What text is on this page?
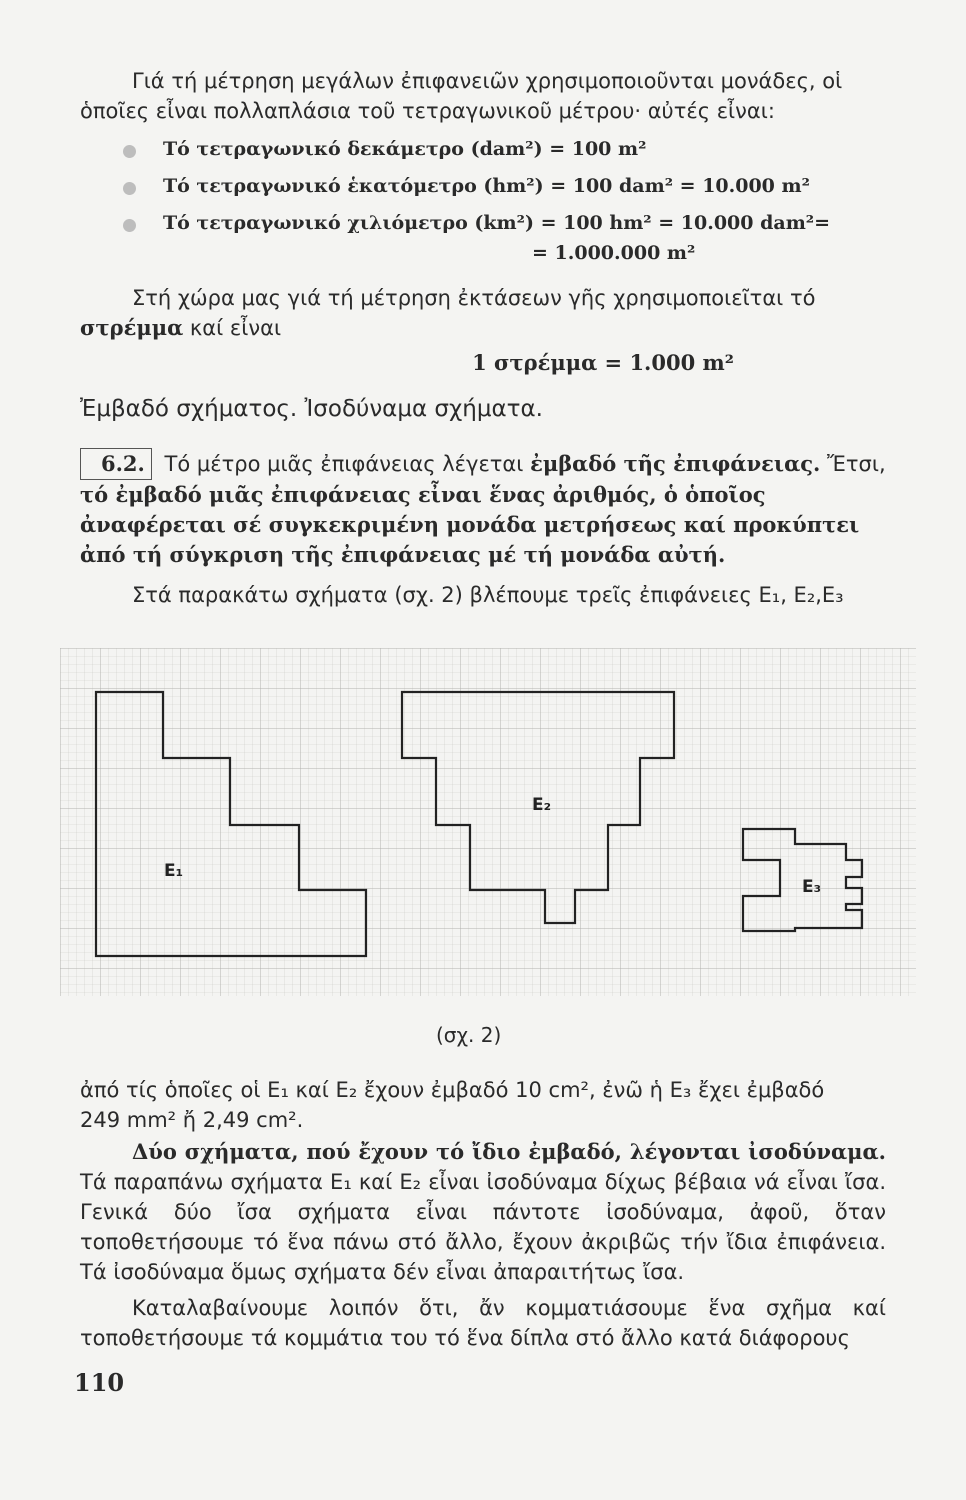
Γιά τή μέτρηση μεγάλων ἐπιφανειῶν χρησιμοποιοῦνται μονάδες, οἱ

ὁποῖες εἶναι πολλαπλάσια τοῦ τετραγωνικοῦ μέτρου· αὐτές εἶναι:

Τό τετραγωνικό δεκάμετρο (dam²) = 100 m²
Τό τετραγωνικό ἑκατόμετρο (hm²) = 100 dam² = 10.000 m²
Τό τετραγωνικό χιλιόμετρο (km²) = 100 hm² = 10.000 dam²=
= 1.000.000 m²

Στή χώρα μας γιά τή μέτρηση ἐκτάσεων γῆς χρησιμοποιεῖται τό

στρέμμα καί εἶναι

1 στρέμμα = 1.000 m²
Ἐμβαδό σχήματος. Ἰσοδύναμα σχήματα.

6.2. Τό μέτρο μιᾶς ἐπιφάνειας λέγεται ἐμβαδό τῆς ἐπιφάνειας. Ἔτσι, τό ἐμβαδό μιᾶς ἐπιφάνειας εἶναι ἕνας ἀριθμός, ὁ ὁποῖος ἀναφέρεται σέ συγκεκριμένη μονάδα μετρήσεως καί προκύπτει ἀπό τή σύγκριση τῆς ἐπιφάνειας μέ τή μονάδα αὐτή.

Στά παρακάτω σχήματα (σχ. 2) βλέπουμε τρεῖς ἐπιφάνειες E₁, E₂,E₃

E₁
E₂
E₃
(σχ. 2)

ἀπό τίς ὁποῖες οἱ E₁ καί E₂ ἔχουν ἐμβαδό 10 cm², ἐνῶ ἡ E₃ ἔχει ἐμβαδό

249 mm² ἤ 2,49 cm².

Δύο σχήματα, πού ἔχουν τό ἴδιο ἐμβαδό, λέγονται ἰσοδύναμα. Τά παραπάνω σχήματα E₁ καί E₂ εἶναι ἰσοδύναμα δίχως βέβαια νά εἶναι ἴσα. Γενικά δύο ἴσα σχήματα εἶναι πάντοτε ἰσοδύναμα, ἀφοῦ, ὅταν τοποθετήσουμε τό ἕνα πάνω στό ἄλλο, ἔχουν ἀκριβῶς τήν ἴδια ἐπιφάνεια. Τά ἰσοδύναμα ὅμως σχήματα δέν εἶναι ἀπαραιτήτως ἴσα.

Καταλαβαίνουμε λοιπόν ὅτι, ἄν κομματιάσουμε ἕνα σχῆμα καί τοποθετήσουμε τά κομμάτια του τό ἕνα δίπλα στό ἄλλο κατά διάφορους

110
